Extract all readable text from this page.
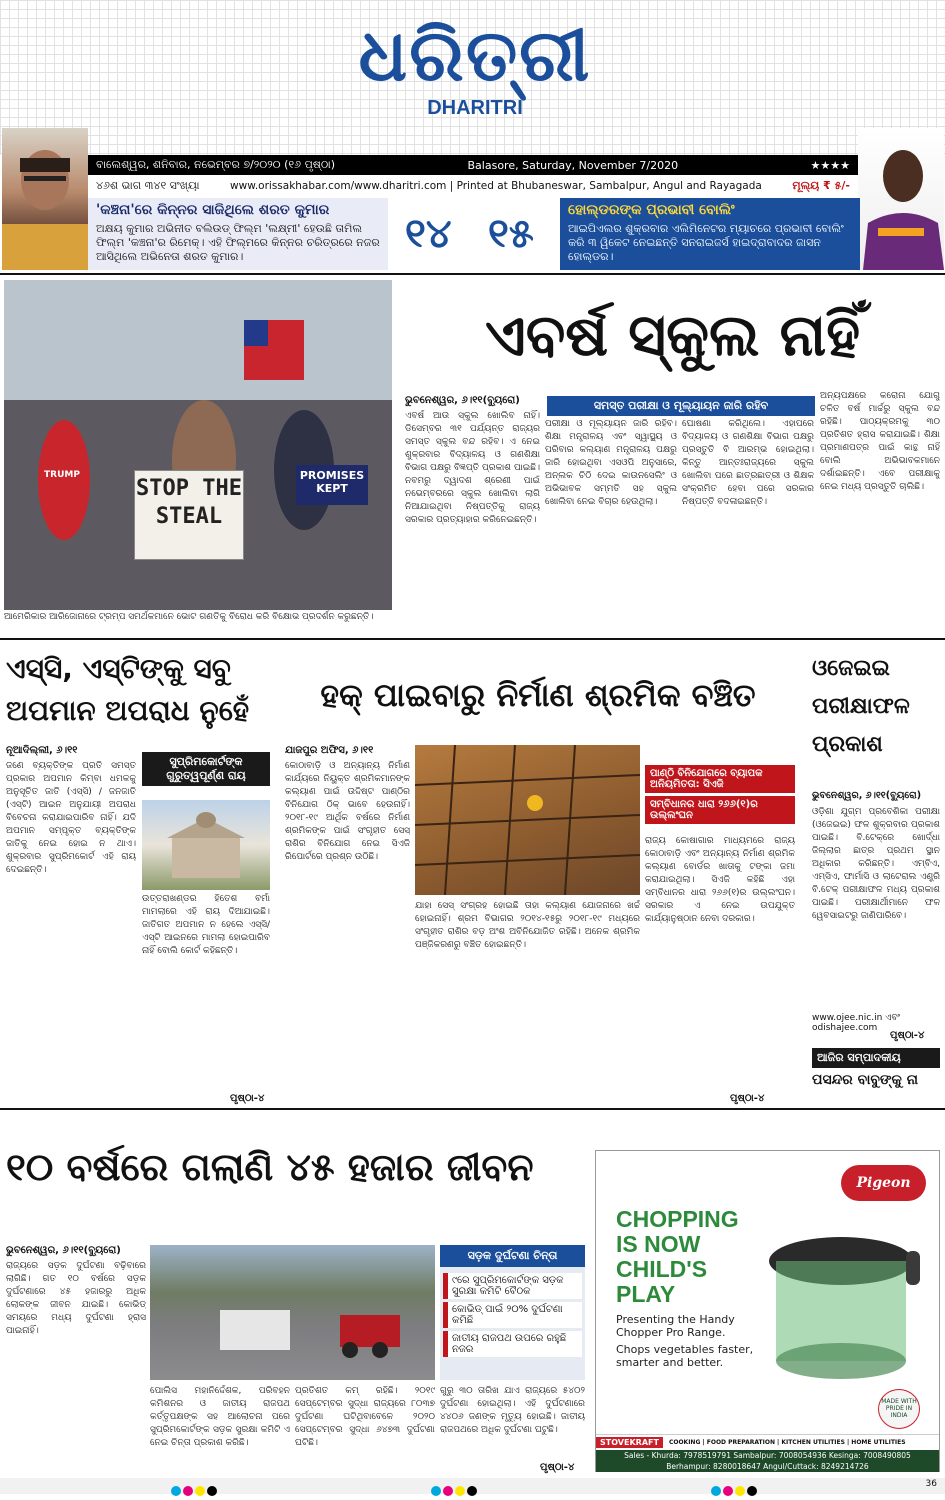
ଧରିତ୍ରୀ
DHARITRI
ବାଲେଶ୍ୱର, ଶନିବାର, ନଭେମ୍ବର ୭/୨୦୨୦ (୧୬ ପୃଷ୍ଠା)	Balasore, Saturday, November 7/2020	★★★★
୪୬ଶ ଭାଗ ୩୪୧ ସଂଖ୍ୟା	www.orissakhabar.com/www.dharitri.com | Printed at Bhubaneswar, Sambalpur, Angul and Rayagada	ମୂଲ୍ୟ ₹ ୫/-
'କଞ୍ଚନା'ରେ କିନ୍ନର ସାଜିଥିଲେ ଶରତ କୁମାର
ଅକ୍ଷୟ କୁମାର ଅଭିନୀତ ବଲିଉଡ୍ ଫିଲ୍ମ 'ଲକ୍ଷ୍ମୀ' ହେଉଛି ତାମିଲ ଫିଲ୍ମ 'କଞ୍ଚନା'ର ରିମେକ୍। ଏହି ଫିଲ୍ମରେ କିନ୍ନର ଚରିତ୍ରରେ ନଜର ଆସିଥିଲେ ଅଭିନେତା ଶରତ କୁମାର।	୧୪ ୧୫
ହୋଲ୍ଡରଙ୍କ ପ୍ରଭାବୀ ବୋଲିଂ
ଆଇପିଏଲର ଶୁକ୍ରବାର ଏଲିମିନେଟର ମ୍ୟାଚରେ ପ୍ରଭାବୀ ବୋଲିଂ କରି ୩ ୱିକେଟ ନେଇଛନ୍ତି ସନରାଇଜର୍ସ ହାଇଦ୍ରାବାଦର ଜାସନ ହୋଲ୍ଡର।
TRUMP
STOP THE STEAL
PROMISES KEPT
ଆମେରିକାର ଆରିଜୋନାରେ ଟ୍ରମ୍ପ ସମର୍ଥକମାନେ ଭୋଟ ଗଣତିକୁ ବିରୋଧ କରି ବିକ୍ଷୋଭ ପ୍ରଦର୍ଶନ କରୁଛନ୍ତି।
ଏବର୍ଷ ସ୍କୁଲ ନାହିଁ
ଭୁବନେଶ୍ୱର, ୬।୧୧(ବ୍ୟୁରୋ)	ସମସ୍ତ ପରୀକ୍ଷା ଓ ମୂଲ୍ୟାୟନ ଜାରି ରହିବ
ଏବର୍ଷ ଆଉ ସ୍କୁଲ ଖୋଲିବ ନାହିଁ। ଡିସେମ୍ବର ୩୧ ପର୍ଯ୍ୟନ୍ତ ରାଜ୍ୟର ସମସ୍ତ ସ୍କୁଲ ବନ୍ଦ ରହିବ। ଏ ନେଇ ଶୁକ୍ରବାର ବିଦ୍ୟାଳୟ ଓ ଗଣଶିକ୍ଷା ବିଭାଗ ପକ୍ଷରୁ ବିଜ୍ଞପ୍ତି ପ୍ରକାଶ ପାଇଛି। ନବମରୁ ଦ୍ୱାଦଶ ଶ୍ରେଣୀ ପାଇଁ ନଭେମ୍ବରରେ ସ୍କୁଲ ଖୋଲିବା ଲାଗି ନିଆଯାଇଥିବା ନିଷ୍ପତ୍ତିକୁ ରାଜ୍ୟ ସରକାର ପ୍ରତ୍ୟାହାର କରିନେଇଛନ୍ତି।
ପରୀକ୍ଷା ଓ ମୂଲ୍ୟାୟନ ଜାରି ରହିବ। ଶିକ୍ଷା ମନ୍ତ୍ରାଳୟ ଏବଂ ସ୍ୱାସ୍ଥ୍ୟ ଓ ପରିବାର କଲ୍ୟାଣ ମନ୍ତ୍ରାଳୟ ପକ୍ଷରୁ ଜାରି ହୋଇଥିବା ଏସଓପି ଅନୁସାରେ, ଅନ୍‌ଲକ ଚିଠି ଦେଇ କାଉନସେଲିଂ ଓ ଅଭିଭାବକ ସମ୍ମତି ସହ ସ୍କୁଲ ଖୋଲିବା ନେଇ ବିଚାର ହେଉଥିଲା।
ଘୋଷଣା କରିଥିଲେ। ଏହାପରେ ବିଦ୍ୟାଳୟ ଓ ଗଣଶିକ୍ଷା ବିଭାଗ ପକ୍ଷରୁ ପ୍ରସ୍ତୁତି ବି ଆରମ୍ଭ ହୋଇଥିଲା। କିନ୍ତୁ ଆନ୍ତଃରାଜ୍ୟରେ ସ୍କୁଲ ଖୋଲିବା ପରେ ଛାତ୍ରଛାତ୍ରୀ ଓ ଶିକ୍ଷକ ସଂକ୍ରମିତ ହେବା ପରେ ସରକାର ନିଷ୍ପତ୍ତି ବଦଳାଇଛନ୍ତି।
ଅନ୍ୟପକ୍ଷରେ କରୋନା ଯୋଗୁ ଚଳିତ ବର୍ଷ ମାର୍ଚ୍ଚରୁ ସ୍କୁଲ ବନ୍ଦ ରହିଛି। ପାଠ୍ୟକ୍ରମକୁ ୩୦ ପ୍ରତିଶତ ହ୍ରାସ କରାଯାଇଛି। ଶିକ୍ଷା ପ୍ରମାଣପତ୍ର ପାଇଁ କାନ୍ଥ ନାହିଁ ବୋଲି ଅଭିଭାବକମାନେ ଦର୍ଶାଇଛନ୍ତି। ଏବେ ପରୀକ୍ଷାକୁ ନେଇ ମଧ୍ୟ ପ୍ରସ୍ତୁତି ଚାଲିଛି।
ଏସ୍‌ସି, ଏସ୍‌ଟିଙ୍କୁ ସବୁ ଅପମାନ ଅପରାଧ ନୁହେଁ
ନୂଆଦିଲ୍ଲୀ, ୬।୧୧
ଜଣେ ବ୍ୟକ୍ତିଙ୍କ ପ୍ରତି ସମସ୍ତ ପ୍ରକାର ଅପମାନ କିମ୍ବା ଧମକକୁ ଅନୁସୂଚିତ ଜାତି (ଏସ୍‌ସି) / ଜନଜାତି (ଏସ୍‌ଟି) ଆଇନ ଅନୁଯାୟୀ ଅପରାଧ ବିବେଚନା କରାଯାଇପାରିବ ନାହିଁ। ଯଦି ଅପମାନ ସମ୍ପୃକ୍ତ ବ୍ୟକ୍ତିଙ୍କ ଜାତିକୁ ନେଇ ହୋଇ ନ ଥାଏ। ଶୁକ୍ରବାର ସୁପ୍ରିମକୋର୍ଟ ଏହି ରାୟ ଦେଇଛନ୍ତି।
ସୁପ୍ରିମକୋର୍ଟଙ୍କ ଗୁରୁତ୍ୱପୂର୍ଣ୍ଣ ରାୟ
ଉତ୍ତରାଖଣ୍ଡର ହିତେଶ ବର୍ମା ମାମଲାରେ ଏହି ରାୟ ଦିଆଯାଇଛି। ଜାତିଗତ ଅପମାନ ନ ହେଲେ ଏସ୍‌ସି/ଏସ୍‌ଟି ଆଇନରେ ମାମଲା ହୋଇପାରିବ ନାହିଁ ବୋଲି କୋର୍ଟ କହିଛନ୍ତି।
ପୃଷ୍ଠା-୪
ହକ୍ ପାଇବାରୁ ନିର୍ମାଣ ଶ୍ରମିକ ବଞ୍ଚିତ
ଯାଜପୁର ଅଫିସ, ୬।୧୧
କୋଠାବାଡ଼ି ଓ ଅନ୍ୟାନ୍ୟ ନିର୍ମାଣ କାର୍ଯ୍ୟରେ ନିୟୁକ୍ତ ଶ୍ରମିକମାନଙ୍କ କଲ୍ୟାଣ ପାଇଁ ଉଦ୍ଦିଷ୍ଟ ପାଣ୍ଠିର ବିନିଯୋଗ ଠିକ୍ ଭାବେ ହେଉନାହିଁ। ୨୦୧୮-୧୯ ଆର୍ଥିକ ବର୍ଷରେ ନିର୍ମାଣ ଶ୍ରମିକଙ୍କ ପାଇଁ ସଂଗୃହୀତ ସେସ୍‌ ରାଶିର ବିନିଯୋଗ ନେଇ ସିଏଜି ରିପୋର୍ଟରେ ପ୍ରଶ୍ନ ଉଠିଛି।
ଯାହା ସେସ୍ ସଂଗ୍ରହ ହୋଇଛି ତାହା କଲ୍ୟାଣ ଯୋଜନାରେ ଖର୍ଚ୍ଚ ହୋଇନାହିଁ। ଶ୍ରମ ବିଭାଗର ୨୦୧୪-୧୫ରୁ ୨୦୧୮-୧୯ ମଧ୍ୟରେ ସଂଗୃହୀତ ରାଶିର ବଡ଼ ଅଂଶ ଅବିନିଯୋଜିତ ରହିଛି। ଅନେକ ଶ୍ରମିକ ପଞ୍ଜିକରଣରୁ ବଞ୍ଚିତ ହୋଇଛନ୍ତି।
ପାଣ୍ଠି ବିନିଯୋଗରେ ବ୍ୟାପକ ଅନିୟମିତତା: ସିଏଜି
ସମ୍ବିଧାନର ଧାରା ୨୬୬(୧)ର ଉଲ୍ଲଂଘନ
ରାଜ୍ୟ କୋଷାଗାର ମାଧ୍ୟମରେ ରାଜ୍ୟ କୋଠାବାଡ଼ି ଏବଂ ଅନ୍ୟାନ୍ୟ ନିର୍ମାଣ ଶ୍ରମିକ କଲ୍ୟାଣ ବୋର୍ଡର ଖାତାକୁ ଟଙ୍କା ଜମା କରାଯାଇଥିଲା। ସିଏଜି କହିଛି ଏହା ସମ୍ବିଧାନର ଧାରା ୨୬୬(୧)ର ଉଲ୍ଲଂଘନ। ସରକାର ଏ ନେଇ ଉପଯୁକ୍ତ କାର୍ଯ୍ୟାନୁଷ୍ଠାନ ନେବା ଦରକାର।
ପୃଷ୍ଠା-୪
ଓଜେଇଇ ପରୀକ୍ଷାଫଳ ପ୍ରକାଶ
ଭୁବନେଶ୍ୱର, ୬।୧୧(ବ୍ୟୁରୋ)
ଓଡ଼ିଶା ଯୁଗ୍ମ ପ୍ରବେଶିକା ପରୀକ୍ଷା (ଓଜେଇଇ) ଫଳ ଶୁକ୍ରବାର ପ୍ରକାଶ ପାଇଛି। ବି.ଟେକ୍‌ରେ ଖୋର୍ଦ୍ଧା ଜିଲ୍ଲାର ଛାତ୍ର ପ୍ରଥମ ସ୍ଥାନ ଅଧିକାର କରିଛନ୍ତି। ଏମ୍‌ବିଏ, ଏମ୍‌ସିଏ, ଫାର୍ମାସି ଓ ଲାଟେରାଲ ଏଣ୍ଟ୍ରି ବି.ଟେକ୍ ପରୀକ୍ଷାଫଳ ମଧ୍ୟ ପ୍ରକାଶ ପାଇଛି। ପରୀକ୍ଷାର୍ଥୀମାନେ ଫଳ ୱେବସାଇଟରୁ ଜାଣିପାରିବେ।
www.ojee.nic.in ଏବଂ odishajee.com
ପୃଷ୍ଠା-୪
ଆଜିର ସମ୍ପାଦକୀୟ
ପସନ୍ଦର ବାବୁଙ୍କୁ ନା
୧୦ ବର୍ଷରେ ଗଲାଣି ୪୫ ହଜାର ଜୀବନ
ଭୁବନେଶ୍ୱର, ୬।୧୧(ବ୍ୟୁରୋ)
ରାଜ୍ୟରେ ସଡ଼କ ଦୁର୍ଘଟଣା ବଢ଼ିବାରେ ଲାଗିଛି। ଗତ ୧୦ ବର୍ଷରେ ସଡ଼କ ଦୁର୍ଘଟଣାରେ ୪୫ ହଜାରରୁ ଅଧିକ ଲୋକଙ୍କ ଜୀବନ ଯାଇଛି। କୋଭିଡ୍ ସମୟରେ ମଧ୍ୟ ଦୁର୍ଘଟଣା ହ୍ରାସ ପାଇନାହିଁ।
ପୋଲିସ ମହାନିର୍ଦ୍ଦେଶକ, ପରିବହନ କମିଶନର ଓ ଜାତୀୟ ରାଜପଥ କର୍ତ୍ତୃପକ୍ଷଙ୍କ ସହ ଆଲୋଚନା ପରେ ସୁପ୍ରିମକୋର୍ଟଙ୍କ ସଡ଼କ ସୁରକ୍ଷା କମିଟି ଏ ନେଇ ଚିନ୍ତା ପ୍ରକାଶ କରିଛି।
ପ୍ରତିଶତ କମ୍ ରହିଛି। ୨୦୧୯ ସେପ୍ଟେମ୍ବର ସୁଦ୍ଧା ରାଜ୍ୟରେ ୮୦୩୭ ଦୁର୍ଘଟଣା ଘଟିଥିବାବେଳେ ୨୦୨୦ ସେପ୍ଟେମ୍ବର ସୁଦ୍ଧା ୬୪୭୩ ଦୁର୍ଘଟଣା ଘଟିଛି।
ସଡ଼କ ଦୁର୍ଘଟଣା ଚିନ୍ତା
୯ରେ ସୁପ୍ରିମକୋର୍ଟଙ୍କ ସଡ଼କ ସୁରକ୍ଷା କମିଟି ବୈଠକ
କୋଭିଡ୍ ପାଇଁ ୨୦% ଦୁର୍ଘଟଣା କମିଛି
ଜାତୀୟ ରାଜପଥ ଉପରେ ରହୁଛି ନଜର
ଗୁରୁ ୩୦ ତାରିଖ ଯାଏ ରାଜ୍ୟରେ ୫୪୦୨ ଦୁର୍ଘଟଣା ହୋଇଥିଲା। ଏହି ଦୁର୍ଘଟଣାରେ ୪୪୦୬ ଜଣଙ୍କ ମୃତ୍ୟୁ ହୋଇଛି। ଜାତୀୟ ରାଜପଥରେ ଅଧିକ ଦୁର୍ଘଟଣା ଘଟୁଛି।
ପୃଷ୍ଠା-୪
Pigeon
CHOPPING IS NOW CHILD'S PLAY
Presenting the Handy Chopper Pro Range.
Chops vegetables faster, smarter and better.
MADE WITH PRIDE IN INDIA
STOVEKRAFT	COOKING | FOOD PREPARATION | KITCHEN UTILITIES | HOME UTILITIES
Sales - Khurda: 7978519791 Sambalpur: 7008054936 Kesinga: 7008490805
Berhampur: 8280018647 Angul/Cuttack: 8249214726
36
